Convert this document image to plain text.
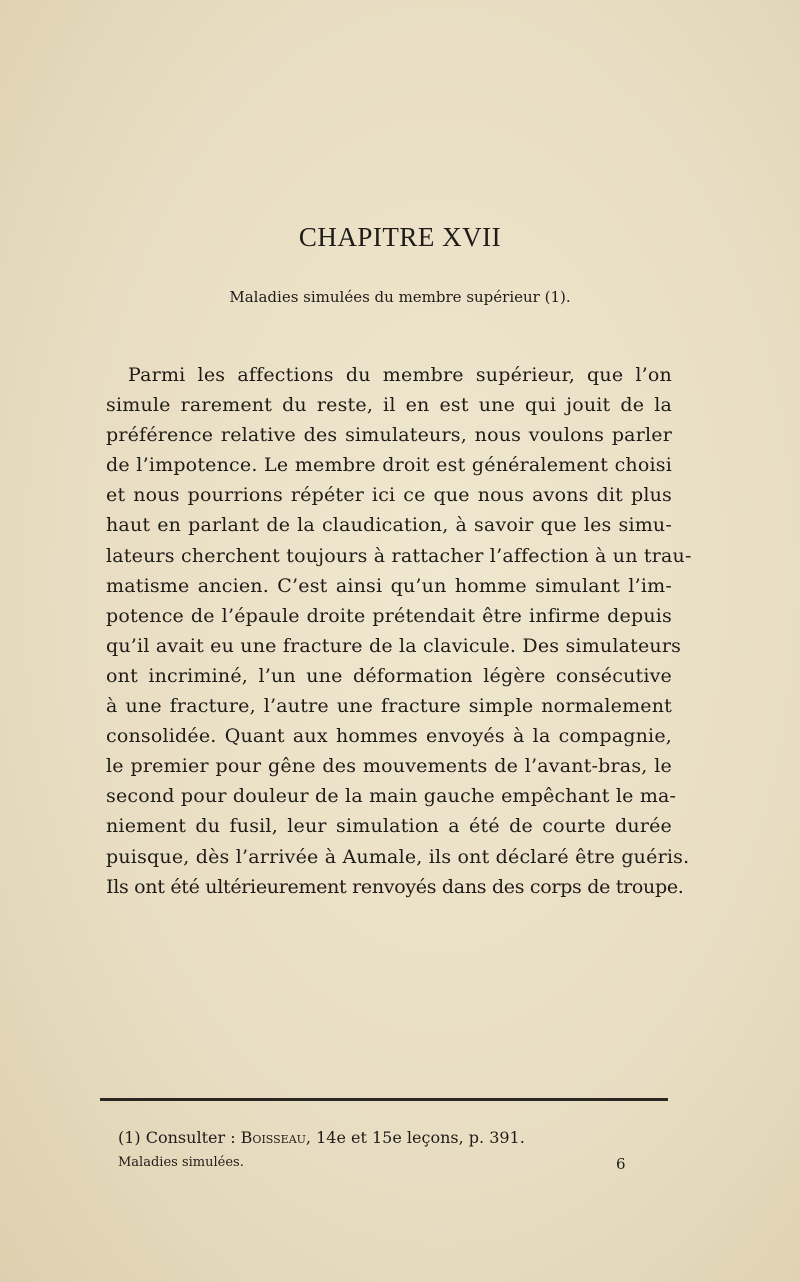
CHAPITRE XVII
Maladies simulées du membre supérieur (1).
Parmi les affections du membre supérieur, que l’on
simule rarement du reste, il en est une qui jouit de la
préférence relative des simulateurs, nous voulons parler
de l’impotence. Le membre droit est généralement choisi
et nous pourrions répéter ici ce que nous avons dit plus
haut en parlant de la claudication, à savoir que les simu-
lateurs cherchent toujours à rattacher l’affection à un trau-
matisme ancien. C’est ainsi qu’un homme simulant l’im-
potence de l’épaule droite prétendait être infirme depuis
qu’il avait eu une fracture de la clavicule. Des simulateurs
ont incriminé, l’un une déformation légère consécutive
à une fracture, l’autre une fracture simple normalement
consolidée. Quant aux hommes envoyés à la compagnie,
le premier pour gêne des mouvements de l’avant-bras, le
second pour douleur de la main gauche empêchant le ma-
niement du fusil, leur simulation a été de courte durée
puisque, dès l’arrivée à Aumale, ils ont déclaré être guéris.
Ils ont été ultérieurement renvoyés dans des corps de troupe.
(1) Consulter : Boisseau, 14e et 15e leçons, p. 391.
Maladies simulées.	6
